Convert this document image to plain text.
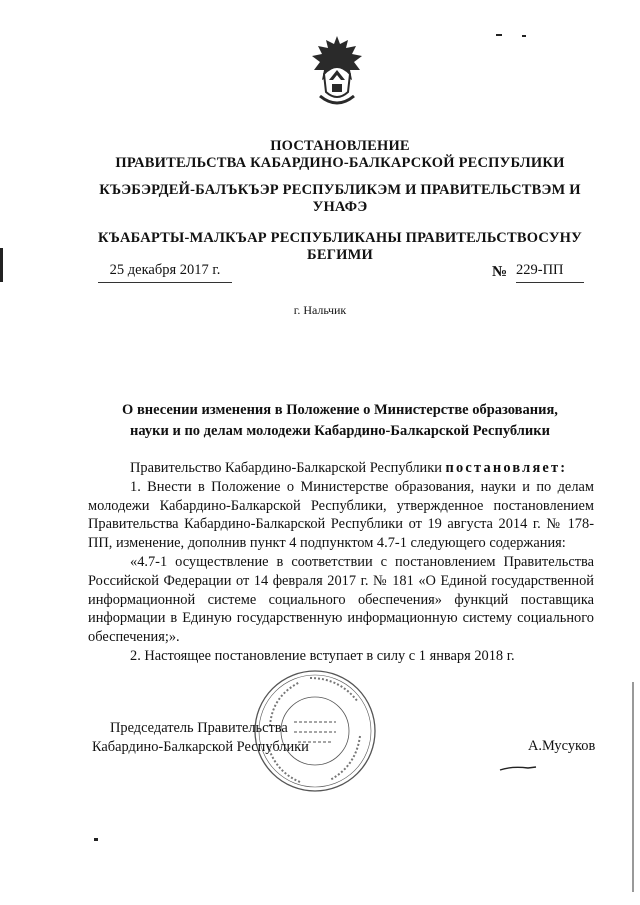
ПОСТАНОВЛЕНИЕ
ПРАВИТЕЛЬСТВА КАБАРДИНО-БАЛКАРСКОЙ РЕСПУБЛИКИ
КЪЭБЭРДЕЙ-БАЛЪКЪЭР РЕСПУБЛИКЭМ И ПРАВИТЕЛЬСТВЭМ И
УНАФЭ
КЪАБАРТЫ-МАЛКЪАР РЕСПУБЛИКАНЫ ПРАВИТЕЛЬСТВОСУНУ
БЕГИМИ
25 декабря 2017 г.	№ 229-ПП
г. Нальчик
О внесении изменения в Положение о Министерстве образования,
науки и по делам молодежи Кабардино-Балкарской Республики

Правительство Кабардино-Балкарской Республики постановляет:

1. Внести в Положение о Министерстве образования, науки и по делам молодежи Кабардино-Балкарской Республики, утвержденное постановлением Правительства Кабардино-Балкарской Республики от 19 августа 2014 г. № 178-ПП, изменение, дополнив пункт 4 подпунктом 4.7-1 следующего содержания:

«4.7-1 осуществление в соответствии с постановлением Правительства Российской Федерации от 14 февраля 2017 г. № 181 «О Единой государственной информационной системе социального обеспечения» функций поставщика информации в Единую государственную информационную систему социального обеспечения;».

2. Настоящее постановление вступает в силу с 1 января 2018 г.

Председатель Правительства
Кабардино-Балкарской Республики	А.Мусуков
